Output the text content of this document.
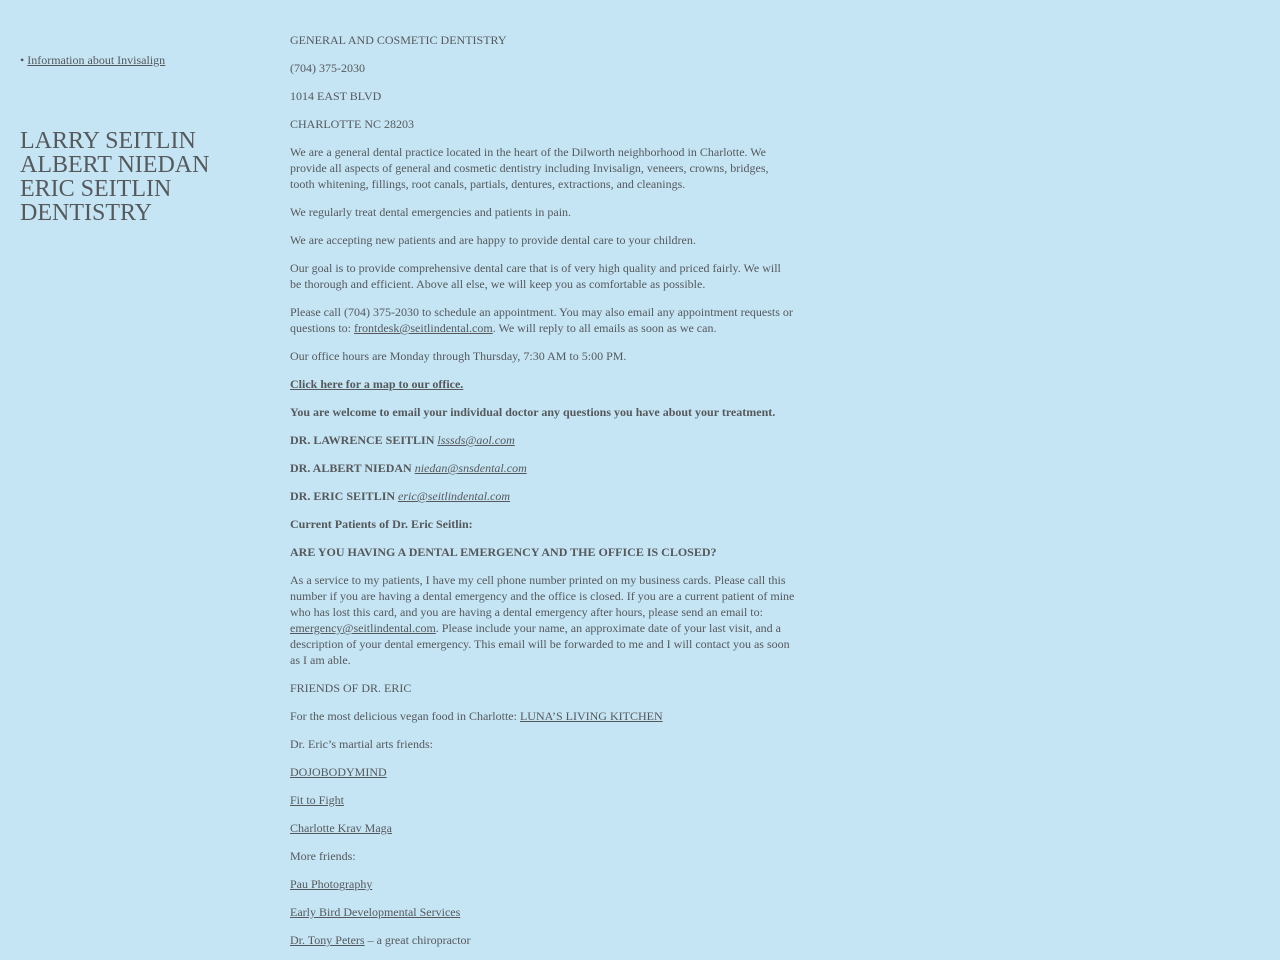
• Information about Invisalign

LARRY SEITLIN
ALBERT NIEDAN
ERIC SEITLIN
DENTISTRY

GENERAL AND COSMETIC DENTISTRY

(704) 375-2030

1014 EAST BLVD

CHARLOTTE NC 28203

We are a general dental practice located in the heart of the Dilworth neighborhood in Charlotte. We provide all aspects of general and cosmetic dentistry including Invisalign, veneers, crowns, bridges, tooth whitening, fillings, root canals, partials, dentures, extractions, and cleanings.

We regularly treat dental emergencies and patients in pain.

We are accepting new patients and are happy to provide dental care to your children.

Our goal is to provide comprehensive dental care that is of very high quality and priced fairly. We will be thorough and efficient. Above all else, we will keep you as comfortable as possible.

Please call (704) 375-2030 to schedule an appointment. You may also email any appointment requests or questions to: frontdesk@seitlindental.com. We will reply to all emails as soon as we can.

Our office hours are Monday through Thursday, 7:30 AM to 5:00 PM.

Click here for a map to our office.

You are welcome to email your individual doctor any questions you have about your treatment.

DR. LAWRENCE SEITLIN lsssds@aol.com

DR. ALBERT NIEDAN niedan@snsdental.com

DR. ERIC SEITLIN eric@seitlindental.com

Current Patients of Dr. Eric Seitlin:

ARE YOU HAVING A DENTAL EMERGENCY AND THE OFFICE IS CLOSED?

As a service to my patients, I have my cell phone number printed on my business cards. Please call this number if you are having a dental emergency and the office is closed. If you are a current patient of mine who has lost this card, and you are having a dental emergency after hours, please send an email to: emergency@seitlindental.com. Please include your name, an approximate date of your last visit, and a description of your dental emergency. This email will be forwarded to me and I will contact you as soon as I am able.

FRIENDS OF DR. ERIC

For the most delicious vegan food in Charlotte: LUNA’S LIVING KITCHEN

Dr. Eric’s martial arts friends:

DOJOBODYMIND

Fit to Fight

Charlotte Krav Maga

More friends:

Pau Photography

Early Bird Developmental Services

Dr. Tony Peters – a great chiropractor
